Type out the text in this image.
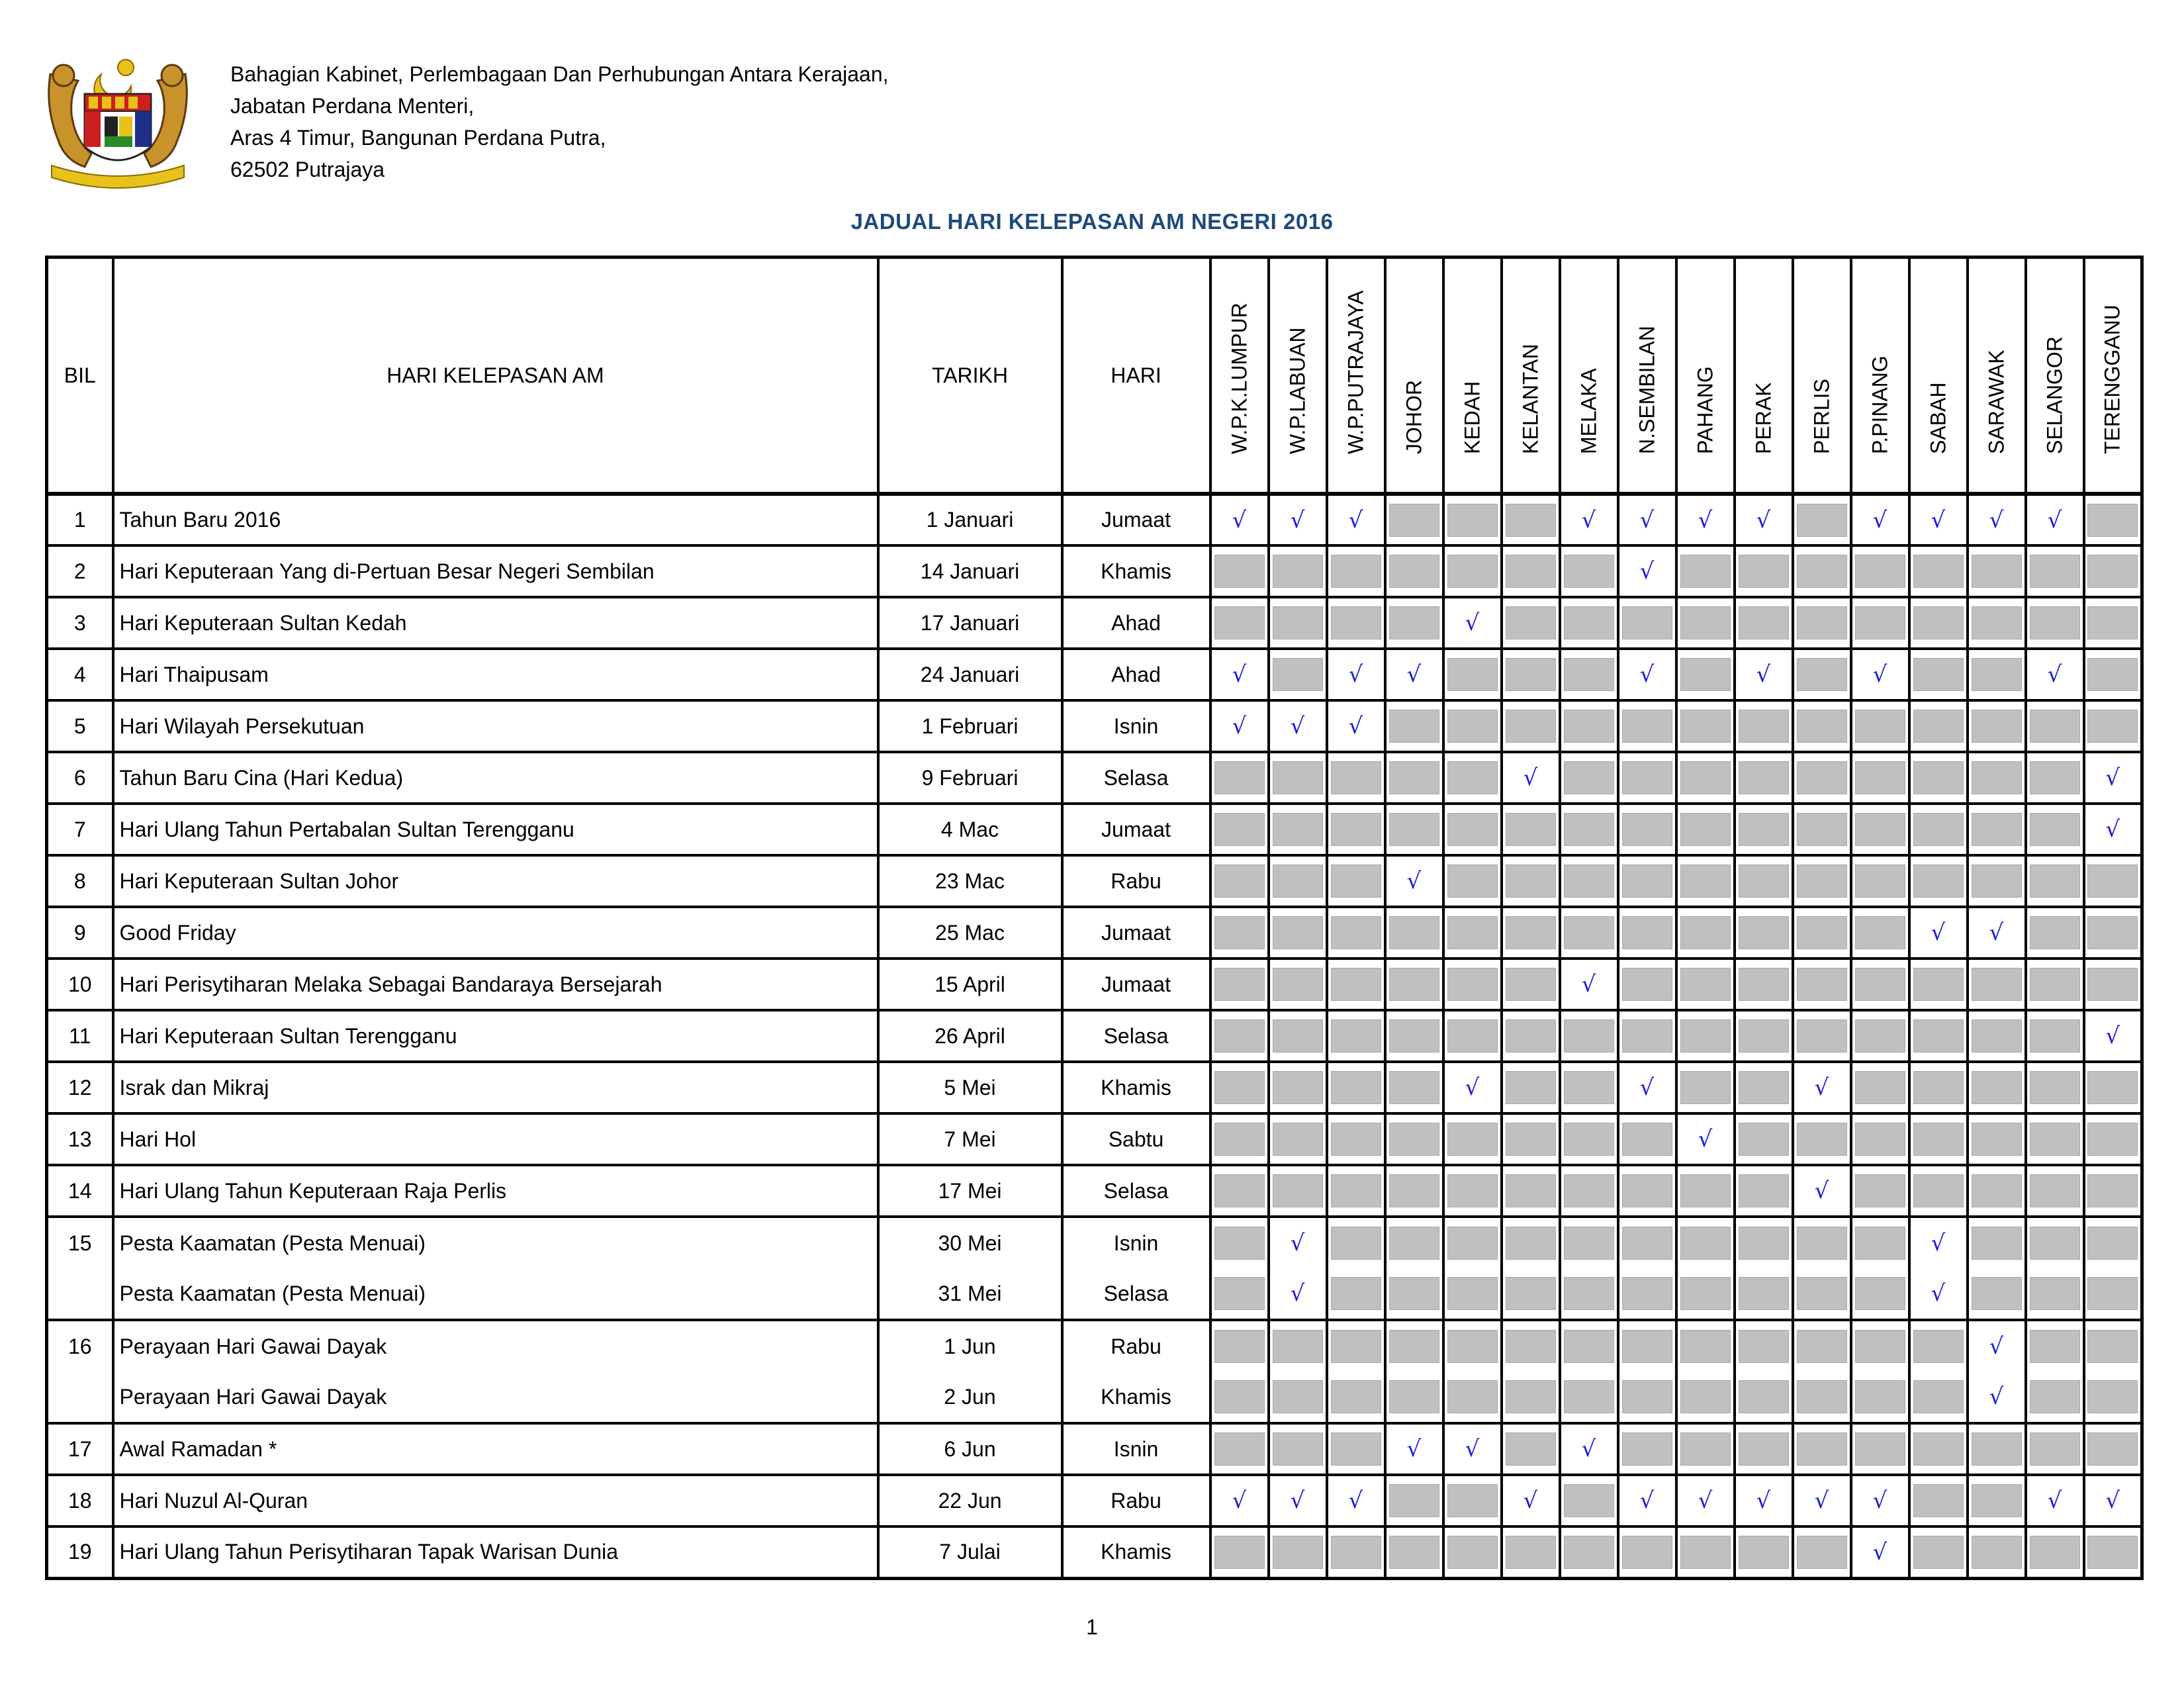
Bahagian Kabinet, Perlembagaan Dan Perhubungan Antara Kerajaan,
Jabatan Perdana Menteri,
Aras 4 Timur, Bangunan Perdana Putra,
62502 Putrajaya
JADUAL HARI KELEPASAN AM NEGERI 2016
BIL	HARI KELEPASAN AM	TARIKH	HARI	W.P.K.LUMPUR	W.P.LABUAN	W.P.PUTRAJAYA	JOHOR	KEDAH	KELANTAN	MELAKA	N.SEMBILAN	PAHANG	PERAK	PERLIS	P.PINANG	SABAH	SARAWAK	SELANGOR	TERENGGANU

1	Tahun Baru 2016	1 Januari	Jumaat	√	√	√				√	√	√	√		√	√	√	√	

2	Hari Keputeraan Yang di-Pertuan Besar Negeri Sembilan	14 Januari	Khamis								√								

3	Hari Keputeraan Sultan Kedah	17 Januari	Ahad					√											

4	Hari Thaipusam	24 Januari	Ahad	√		√	√				√		√		√			√	

5	Hari Wilayah Persekutuan	1 Februari	Isnin	√	√	√													

6	Tahun Baru Cina (Hari Kedua)	9 Februari	Selasa						√										√

7	Hari Ulang Tahun Pertabalan Sultan Terengganu	4 Mac	Jumaat																√

8	Hari Keputeraan Sultan Johor	23 Mac	Rabu				√												

9	Good Friday	25 Mac	Jumaat													√	√		

10	Hari Perisytiharan Melaka Sebagai Bandaraya Bersejarah	15 April	Jumaat							√									

11	Hari Keputeraan Sultan Terengganu	26 April	Selasa																√

12	Israk dan Mikraj	5 Mei	Khamis					√			√			√					

13	Hari Hol	7 Mei	Sabtu									√							

14	Hari Ulang Tahun Keputeraan Raja Perlis	17 Mei	Selasa											√					

15	Pesta Kaamatan (Pesta Menuai)	30 Mei	Isnin		√											√			

	Pesta Kaamatan (Pesta Menuai)	31 Mei	Selasa		√											√			

16	Perayaan Hari Gawai Dayak	1 Jun	Rabu														√		

	Perayaan Hari Gawai Dayak	2 Jun	Khamis														√		

17	Awal Ramadan *	6 Jun	Isnin				√	√		√									

18	Hari Nuzul Al-Quran	22 Jun	Rabu	√	√	√			√		√	√	√	√	√			√	√

19	Hari Ulang Tahun Perisytiharan Tapak Warisan Dunia	7 Julai	Khamis												√				

1
